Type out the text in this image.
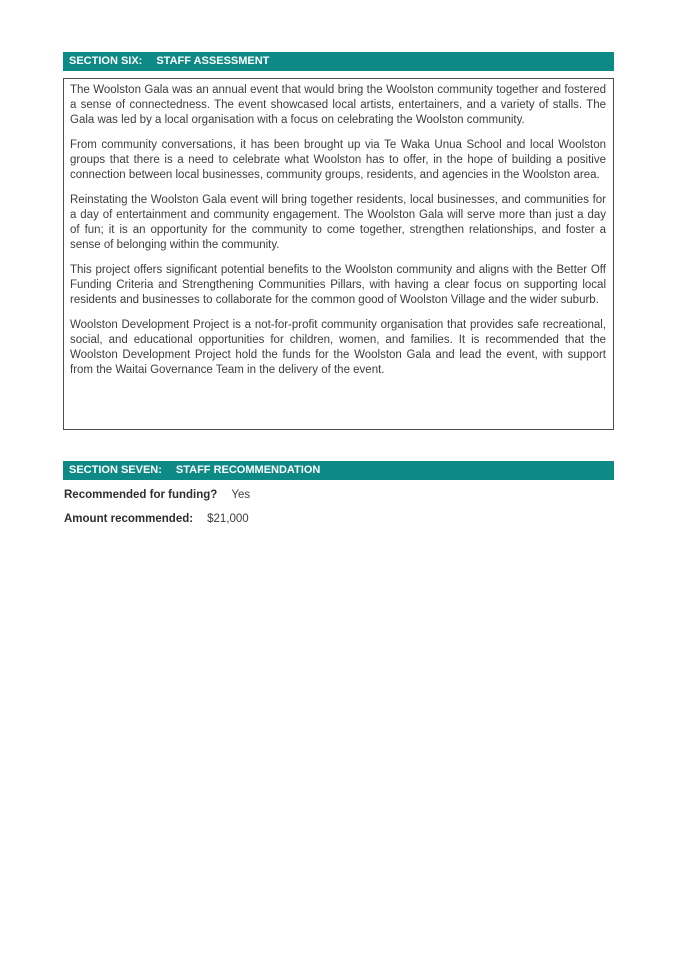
SECTION SIX: STAFF ASSESSMENT

The Woolston Gala was an annual event that would bring the Woolston community together and fostered a sense of connectedness. The event showcased local artists, entertainers, and a variety of stalls. The Gala was led by a local organisation with a focus on celebrating the Woolston community.

From community conversations, it has been brought up via Te Waka Unua School and local Woolston groups that there is a need to celebrate what Woolston has to offer, in the hope of building a positive connection between local businesses, community groups, residents, and agencies in the Woolston area.

Reinstating the Woolston Gala event will bring together residents, local businesses, and communities for a day of entertainment and community engagement. The Woolston Gala will serve more than just a day of fun; it is an opportunity for the community to come together, strengthen relationships, and foster a sense of belonging within the community.

This project offers significant potential benefits to the Woolston community and aligns with the Better Off Funding Criteria and Strengthening Communities Pillars, with having a clear focus on supporting local residents and businesses to collaborate for the common good of Woolston Village and the wider suburb.

Woolston Development Project is a not-for-profit community organisation that provides safe recreational, social, and educational opportunities for children, women, and families. It is recommended that the Woolston Development Project hold the funds for the Woolston Gala and lead the event, with support from the Waitai Governance Team in the delivery of the event.

SECTION SEVEN: STAFF RECOMMENDATION
Recommended for funding? Yes
Amount recommended: $21,000
